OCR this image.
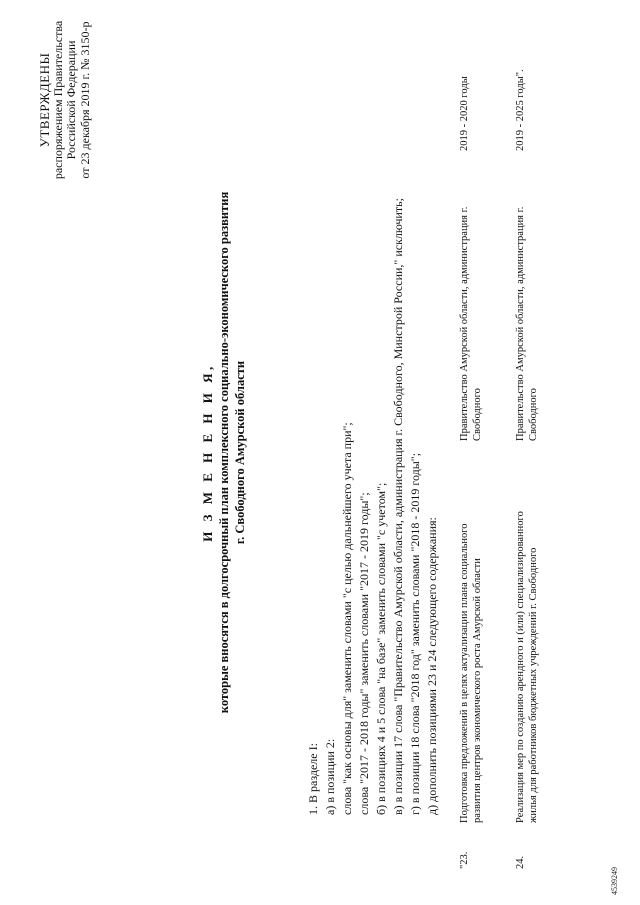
УТВЕРЖДЕНЫ
распоряжением Правительства Российской Федерации от 23 декабря 2019 г. № 3150-р
И З М Е Н Е Н И Я, которые вносятся в долгосрочный план комплексного социально-экономического развития г. Свободного Амурской области
1. В разделе I: а) в позиции 2: слова "как основы для" заменить словами "с целью дальнейшего учета при"; слова "2017 - 2018 годы" заменить словами "2017 - 2019 годы"; б) в позициях 4 и 5 слова "на базе" заменить словами "с учетом"; в) в позиции 17 слова "Правительство Амурской области, администрация г. Свободного, Минстрой России," исключить; г) в позиции 18 слова "2018 год" заменить словами "2018 - 2019 годы"; д) дополнить позициями 23 и 24 следующего содержания:
"23.
Подготовка предложений в целях актуализации плана социального развития центров экономического роста Амурской области
Правительство Амурской области, администрация г. Свободного
2019 - 2020 годы
24.
Реализация мер по созданию арендного и (или) специализированного жилья для работников бюджетных учреждений г. Свободного
Правительство Амурской области, администрация г. Свободного
2019 - 2025 годы".
4539249
